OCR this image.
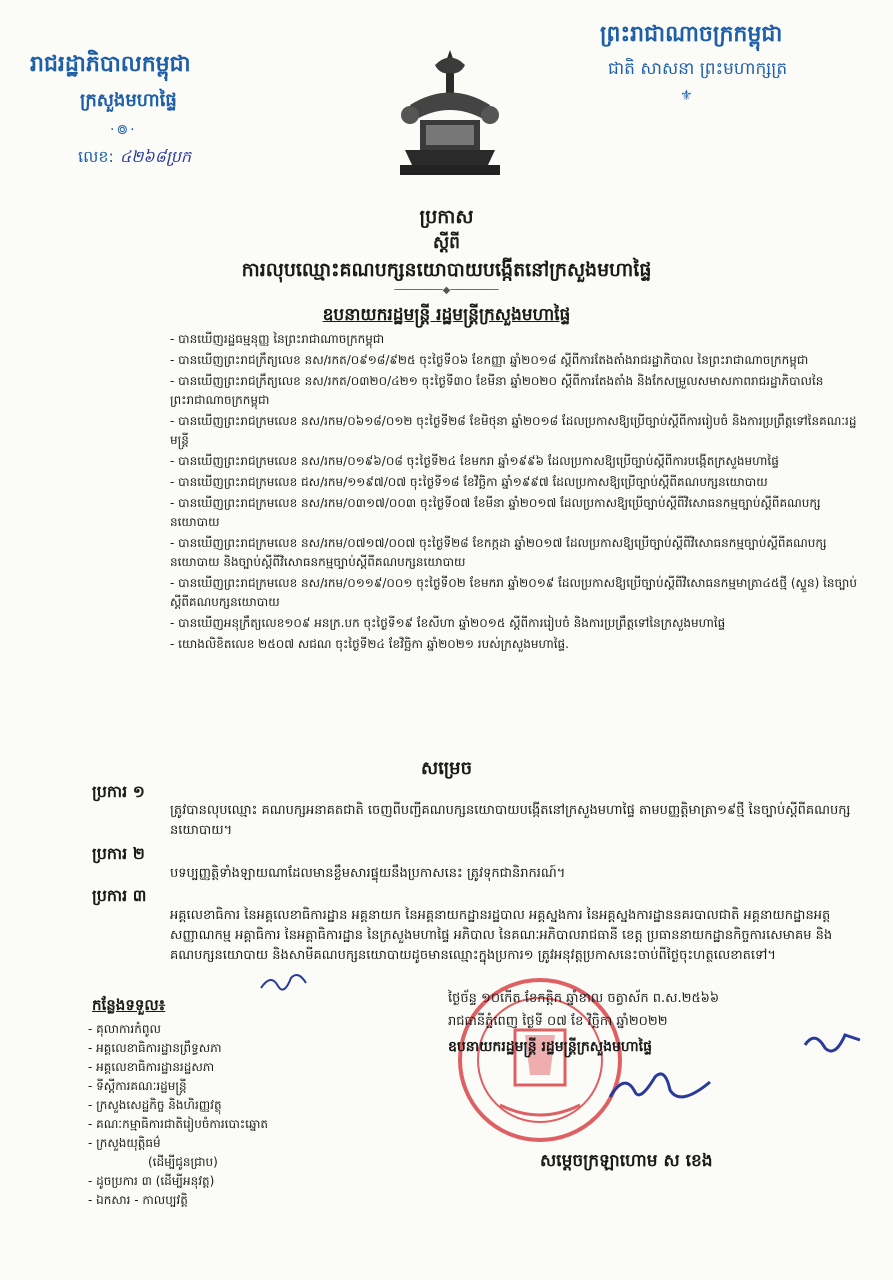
រាជរដ្ឋាភិបាលកម្ពុជា
ក្រសួងមហាផ្ទៃ
·៙·
លេខ: ៤២៦៨ប្រក
ព្រះរាជាណាចក្រកម្ពុជា
ជាតិ សាសនា ព្រះមហាក្សត្រ
⚜
ប្រកាស
ស្ដីពី
ការលុបឈ្មោះគណបក្សនយោបាយបង្កើតនៅក្រសួងមហាផ្ទៃ
────────◆────────
ឧបនាយករដ្ឋមន្ត្រី រដ្ឋមន្ត្រីក្រសួងមហាផ្ទៃ
- បានឃើញរដ្ឋធម្មនុញ្ញ នៃព្រះរាជាណាចក្រកម្ពុជា
- បានឃើញព្រះរាជក្រឹត្យលេខ នស/រកត/០៩១៨/៩២៥ ចុះថ្ងៃទី០៦ ខែកញ្ញា ឆ្នាំ២០១៨ ស្ដីពីការតែងតាំងរាជរដ្ឋាភិបាល នៃព្រះរាជាណាចក្រកម្ពុជា
- បានឃើញព្រះរាជក្រឹត្យលេខ នស/រកត/០៣២០/៤២១ ចុះថ្ងៃទី៣០ ខែមីនា ឆ្នាំ២០២០ ស្ដីពីការតែងតាំង និងកែសម្រួលសមាសភាពរាជរដ្ឋាភិបាលនៃព្រះរាជាណាចក្រកម្ពុជា
- បានឃើញព្រះរាជក្រមលេខ នស/រកម/០៦១៨/០១២ ចុះថ្ងៃទី២៨ ខែមិថុនា ឆ្នាំ២០១៨ ដែលប្រកាសឱ្យប្រើច្បាប់ស្ដីពីការរៀបចំ និងការប្រព្រឹត្តទៅនៃគណៈរដ្ឋមន្ត្រី
- បានឃើញព្រះរាជក្រមលេខ នស/រកម/០១៩៦/០៨ ចុះថ្ងៃទី២៤ ខែមករា ឆ្នាំ១៩៩៦ ដែលប្រកាសឱ្យប្រើច្បាប់ស្ដីពីការបង្កើតក្រសួងមហាផ្ទៃ
- បានឃើញព្រះរាជក្រមលេខ ជស/រកម/១១៩៧/០៧ ចុះថ្ងៃទី១៨ ខែវិច្ឆិកា ឆ្នាំ១៩៩៧ ដែលប្រកាសឱ្យប្រើច្បាប់ស្ដីពីគណបក្សនយោបាយ
- បានឃើញព្រះរាជក្រមលេខ នស/រកម/០៣១៧/០០៣ ចុះថ្ងៃទី០៧ ខែមីនា ឆ្នាំ២០១៧ ដែលប្រកាសឱ្យប្រើច្បាប់ស្ដីពីវិសោធនកម្មច្បាប់ស្ដីពីគណបក្សនយោបាយ
- បានឃើញព្រះរាជក្រមលេខ នស/រកម/០៧១៧/០០៧ ចុះថ្ងៃទី២៨ ខែកក្កដា ឆ្នាំ២០១៧ ដែលប្រកាសឱ្យប្រើច្បាប់ស្ដីពីវិសោធនកម្មច្បាប់ស្ដីពីគណបក្សនយោបាយ និងច្បាប់ស្ដីពីវិសោធនកម្មច្បាប់ស្ដីពីគណបក្សនយោបាយ
- បានឃើញព្រះរាជក្រមលេខ នស/រកម/០១១៩/០០១ ចុះថ្ងៃទី០២ ខែមករា ឆ្នាំ២០១៩ ដែលប្រកាសឱ្យប្រើច្បាប់ស្ដីពីវិសោធនកម្មមាត្រា៤៥ថ្មី (ស្ទួន) នៃច្បាប់ស្ដីពីគណបក្សនយោបាយ
- បានឃើញអនុក្រឹត្យលេខ១០៩ អនក្រ.បក ចុះថ្ងៃទី១៩ ខែសីហា ឆ្នាំ២០១៥ ស្ដីពីការរៀបចំ និងការប្រព្រឹត្តទៅនៃក្រសួងមហាផ្ទៃ
- យោងលិខិតលេខ ២៥០៧ សជណ ចុះថ្ងៃទី២៤ ខែវិច្ឆិកា ឆ្នាំ២០២១ របស់ក្រសួងមហាផ្ទៃ.
សម្រេច
ប្រការ ១
ត្រូវបានលុបឈ្មោះ គណបក្សអនាគតជាតិ ចេញពីបញ្ជីគណបក្សនយោបាយបង្កើតនៅក្រសួងមហាផ្ទៃ តាមបញ្ញត្តិមាត្រា១៩ថ្មី នៃច្បាប់ស្ដីពីគណបក្សនយោបាយ។
ប្រការ ២
បទប្បញ្ញត្តិទាំងឡាយណាដែលមានខ្លឹមសារផ្ទុយនឹងប្រកាសនេះ ត្រូវទុកជានិរាករណ៍។
ប្រការ ៣
អគ្គលេខាធិការ នៃអគ្គលេខាធិការដ្ឋាន អគ្គនាយក នៃអគ្គនាយកដ្ឋានរដ្ឋបាល អគ្គស្នងការ នៃអគ្គស្នងការដ្ឋាននគរបាលជាតិ អគ្គនាយកដ្ឋានអត្តសញ្ញាណកម្ម អគ្គាធិការ នៃអគ្គាធិការដ្ឋាន នៃក្រសួងមហាផ្ទៃ អភិបាល នៃគណៈអភិបាលរាជធានី ខេត្ត ប្រធាននាយកដ្ឋានកិច្ចការសេមាគម និងគណបក្សនយោបាយ និងសាមីគណបក្សនយោបាយដូចមានឈ្មោះក្នុងប្រការ១ ត្រូវអនុវត្តប្រកាសនេះចាប់ពីថ្ងៃចុះហត្ថលេខាតទៅ។
កន្លែងទទួល៖
- គុលាការកំពូល
- អគ្គលេខាធិការដ្ឋានព្រឹទ្ធសភា
- អគ្គលេខាធិការដ្ឋានរដ្ឋសភា
- ទីស្ដីការគណៈរដ្ឋមន្ត្រី
- ក្រសួងសេដ្ឋកិច្ច និងហិរញ្ញវត្ថុ
- គណៈកម្មាធិការជាតិរៀបចំការបោះឆ្នោត
- ក្រសួងយុត្តិធម៌
(ដើម្បីជូនជ្រាប)
- ដូចប្រការ ៣ (ដើម្បីអនុវត្ត)
- ឯកសារ - កាលប្បវត្តិ
ថ្ងៃច័ន្ទ ១០កើត ខែកត្តិក ឆ្នាំខាល ចត្វាស័ក ព.ស.២៥៦៦
រាជធានីភ្នំពេញ ថ្ងៃទី ០៧ ខែ វិច្ឆិកា ឆ្នាំ២០២២
ឧបនាយករដ្ឋមន្ត្រី រដ្ឋមន្ត្រីក្រសួងមហាផ្ទៃ
សម្ដេចក្រឡាហោម ស ខេង
